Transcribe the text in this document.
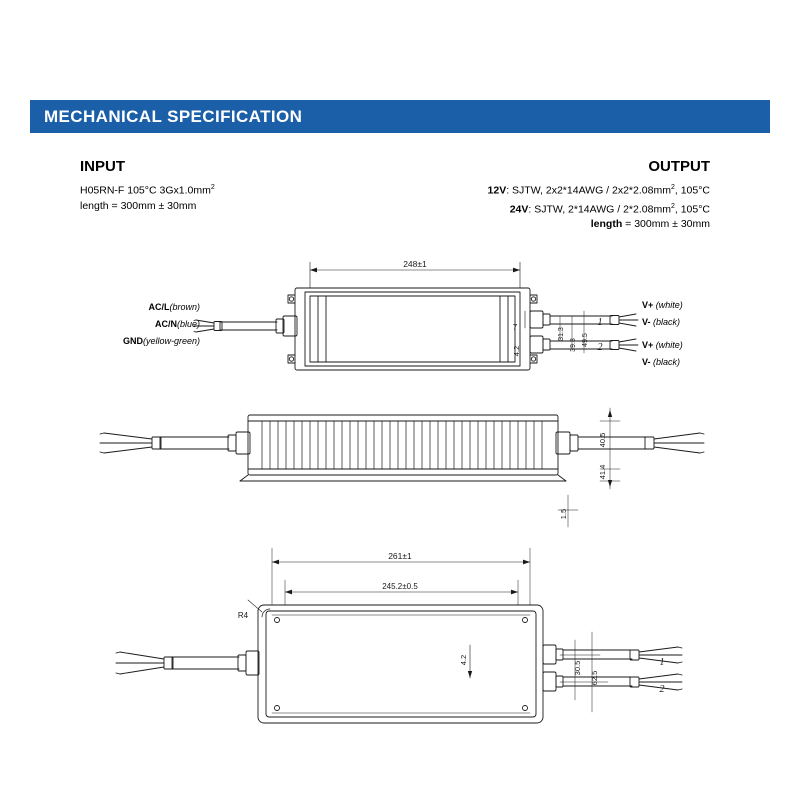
MECHANICAL SPECIFICATION
INPUT
H05RN-F 105°C $3Gx1.0mm^2$
length = 300mm ± 30mm
OUTPUT
12V: SJTW, $2x2*14AWG / 2x2*2.08mm^2$, 105°C
24V: SJTW, $2*14AWG / 2*2.08mm^2$, 105°C
length = 300mm ± 30mm
AC/L(brown)
AC/N(blue)
GND(yellow-green)
V+ (white)
V- (black)
V+ (white)
V- (black)
248±1
7
4.2
31.3
39.3 49.5
40.5
41.4
1.5
261±1
245.2±0.5
R4
4.2
30.5
62.5
1
2
1
2
